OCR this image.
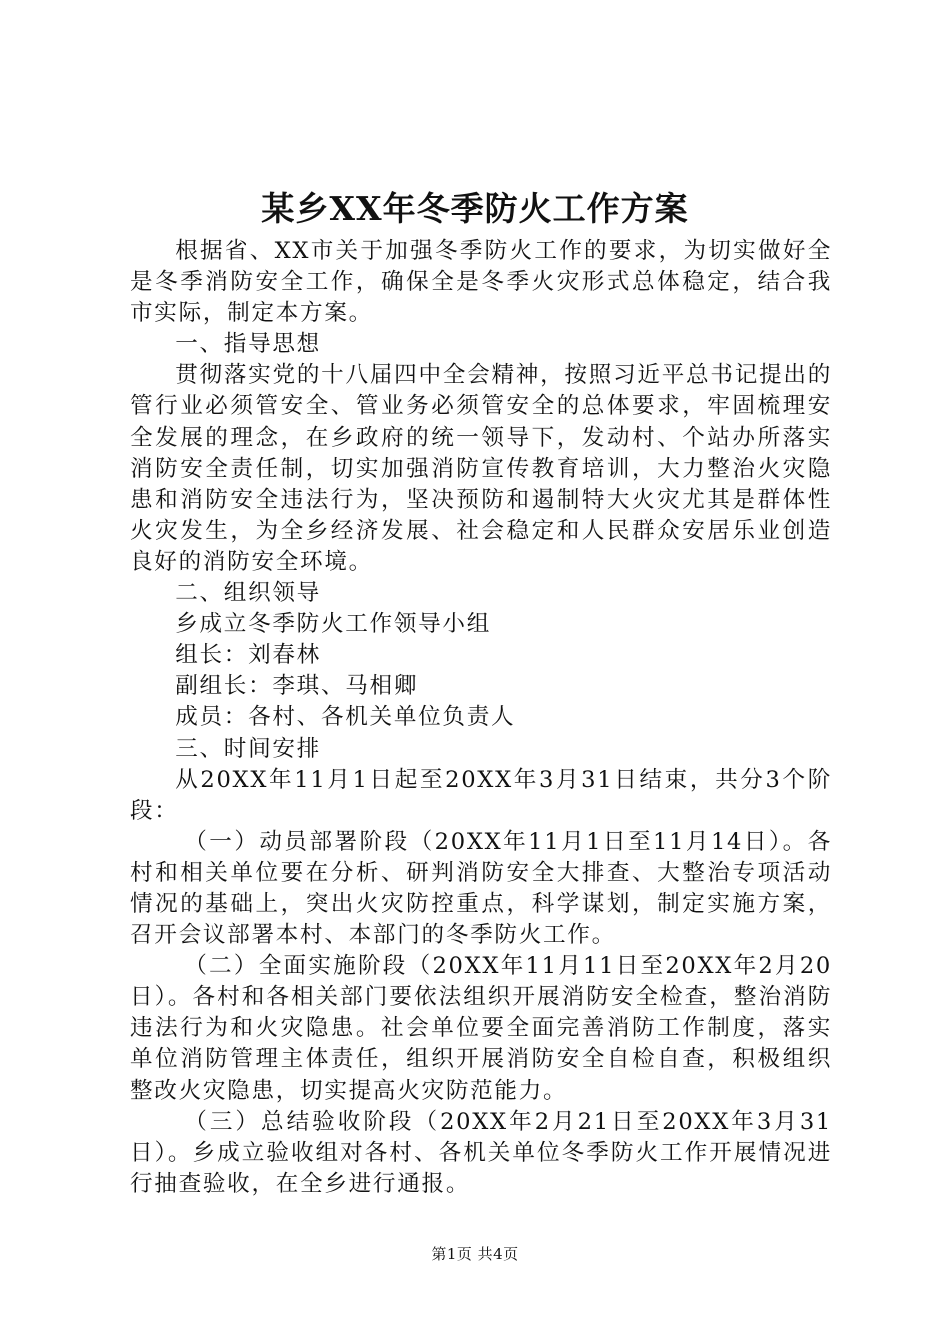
某乡XX年冬季防火工作方案

根据省、XX市关于加强冬季防火工作的要求，为切实做好全是冬季消防安全工作，确保全是冬季火灾形式总体稳定，结合我市实际，制定本方案。

一、指导思想

贯彻落实党的十八届四中全会精神，按照习近平总书记提出的管行业必须管安全、管业务必须管安全的总体要求，牢固梳理安全发展的理念，在乡政府的统一领导下，发动村、个站办所落实消防安全责任制，切实加强消防宣传教育培训，大力整治火灾隐患和消防安全违法行为，坚决预防和遏制特大火灾尤其是群体性火灾发生，为全乡经济发展、社会稳定和人民群众安居乐业创造良好的消防安全环境。

二、组织领导

乡成立冬季防火工作领导小组

组长：刘春林

副组长：李琪、马相卿

成员：各村、各机关单位负责人

三、时间安排

从20XX年11月1日起至20XX年3月31日结束，共分3个阶段：

（一）动员部署阶段（20XX年11月1日至11月14日）。各村和相关单位要在分析、研判消防安全大排查、大整治专项活动情况的基础上，突出火灾防控重点，科学谋划，制定实施方案，召开会议部署本村、本部门的冬季防火工作。

（二）全面实施阶段（20XX年11月11日至20XX年2月20日）。各村和各相关部门要依法组织开展消防安全检查，整治消防违法行为和火灾隐患。社会单位要全面完善消防工作制度，落实单位消防管理主体责任，组织开展消防安全自检自查，积极组织整改火灾隐患，切实提高火灾防范能力。

（三）总结验收阶段（20XX年2月21日至20XX年3月31日）。乡成立验收组对各村、各机关单位冬季防火工作开展情况进行抽查验收，在全乡进行通报。

第1页 共4页
